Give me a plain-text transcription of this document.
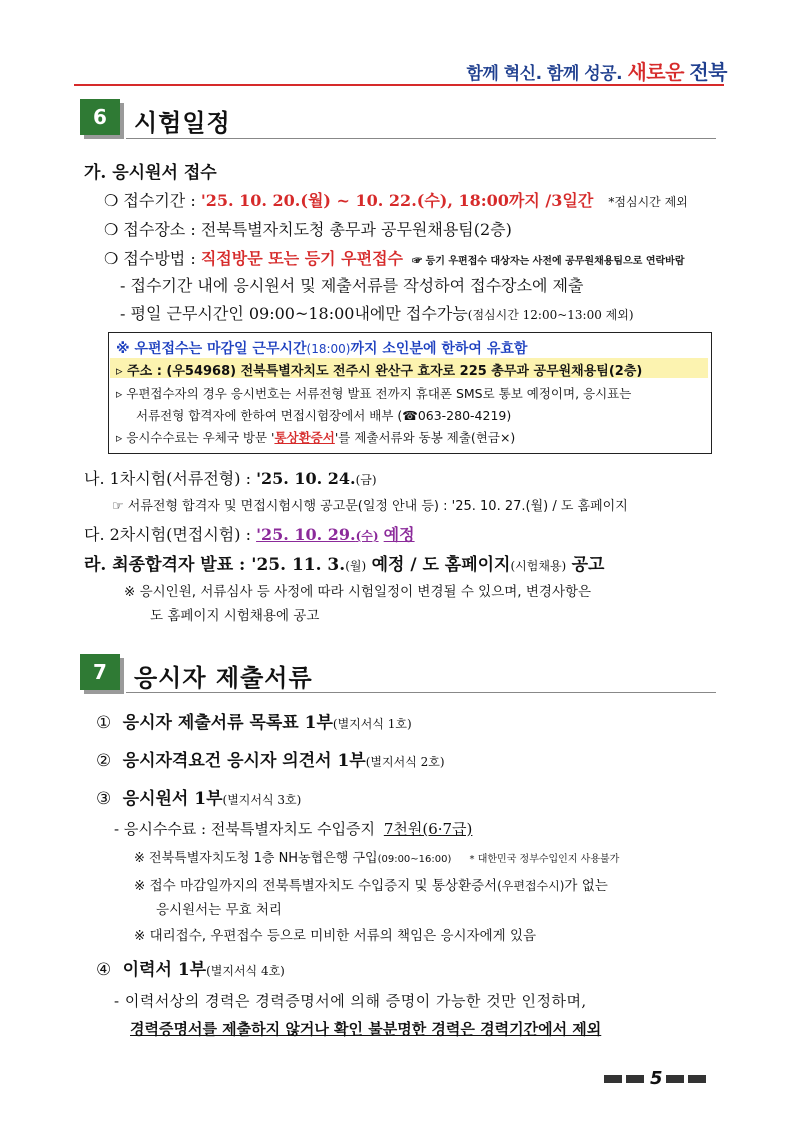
함께 혁신. 함께 성공. 새로운 전북
6	시험일정
가. 응시원서 접수
❍ 접수기간 : '25. 10. 20.(월) ~ 10. 22.(수), 18:00까지 /3일간 *점심시간 제외
❍ 접수장소 : 전북특별자치도청 총무과 공무원채용팀(2층)
❍ 접수방법 : 직접방문 또는 등기 우편접수 ☞ 등기 우편접수 대상자는 사전에 공무원채용팀으로 연락바람
- 접수기간 내에 응시원서 및 제출서류를 작성하여 접수장소에 제출
- 평일 근무시간인 09:00~18:00내에만 접수가능(점심시간 12:00~13:00 제외)
※ 우편접수는 마감일 근무시간(18:00)까지 소인분에 한하여 유효함
▹ 주소 : (우54968) 전북특별자치도 전주시 완산구 효자로 225 총무과 공무원채용팀(2층)
▹ 우편접수자의 경우 응시번호는 서류전형 발표 전까지 휴대폰 SMS로 통보 예정이며, 응시표는
서류전형 합격자에 한하여 면접시험장에서 배부 (☎063-280-4219)
▹ 응시수수료는 우체국 방문 '통상환증서'를 제출서류와 동봉 제출(현금×)
나. 1차시험(서류전형) : '25. 10. 24.(금)
☞ 서류전형 합격자 및 면접시험시행 공고문(일정 안내 등) : '25. 10. 27.(월) / 도 홈페이지
다. 2차시험(면접시험) : '25. 10. 29.(수) 예정
라. 최종합격자 발표 : '25. 11. 3.(월) 예정 / 도 홈페이지(시험채용) 공고
※ 응시인원, 서류심사 등 사정에 따라 시험일정이 변경될 수 있으며, 변경사항은
도 홈페이지 시험채용에 공고
7	응시자 제출서류
① 응시자 제출서류 목록표 1부(별지서식 1호)
② 응시자격요건 응시자 의견서 1부(별지서식 2호)
③ 응시원서 1부(별지서식 3호)
- 응시수수료 : 전북특별자치도 수입증지 7천원(6·7급)
※ 전북특별자치도청 1층 NH농협은행 구입(09:00~16:00) * 대한민국 정부수입인지 사용불가
※ 접수 마감일까지의 전북특별자치도 수입증지 및 통상환증서(우편접수시)가 없는
응시원서는 무효 처리
※ 대리접수, 우편접수 등으로 미비한 서류의 책임은 응시자에게 있음
④ 이력서 1부(별지서식 4호)
- 이력서상의 경력은 경력증명서에 의해 증명이 가능한 것만 인정하며,
경력증명서를 제출하지 않거나 확인 불분명한 경력은 경력기간에서 제외
5
